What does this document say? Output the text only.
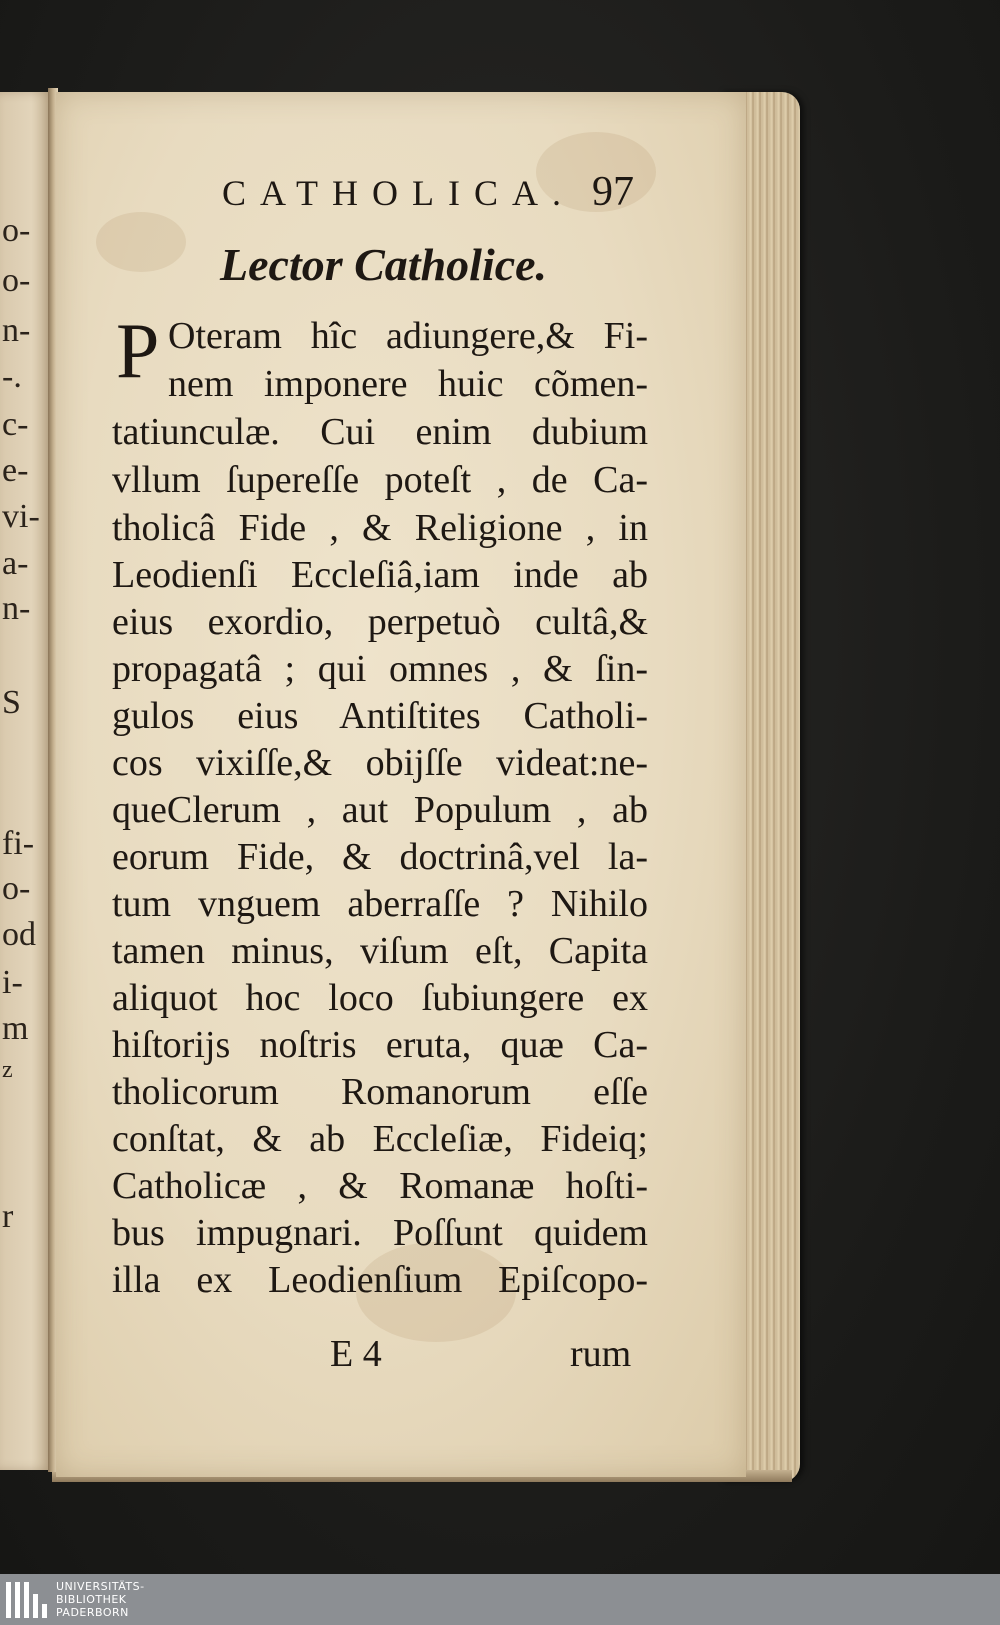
o-
o-
n-
-.
c-
e-
vi-
a-
n-
S
fi-
o-
od
i-
m
z
r
CATHOLICA. 97
Lector Catholice.
P Oteram hîc adiungere,& Fi-
nem imponere huic cõmen-
tatiunculæ. Cui enim dubium
vllum ſupereſſe poteſt , de Ca-
tholicâ Fide , & Religione , in
Leodienſi Eccleſiâ,iam inde ab
eius exordio, perpetuò cultâ,&
propagatâ ; qui omnes , & ſin-
gulos eius Antiſtites Catholi-
cos vixiſſe,& obijſſe videat:ne-
queClerum , aut Populum , ab
eorum Fide, & doctrinâ,vel la-
tum vnguem aberraſſe ? Nihilo
tamen minus, viſum eſt, Capita
aliquot hoc loco ſubiungere ex
hiſtorijs noſtris eruta, quæ Ca-
tholicorum Romanorum eſſe
conſtat, & ab Eccleſiæ, Fideiq;
Catholicæ , & Romanæ hoſti-
bus impugnari. Poſſunt quidem
illa ex Leodienſium Epiſcopo-
E 4	rum
UNIVERSITÄTS-
BIBLIOTHEK
PADERBORN
